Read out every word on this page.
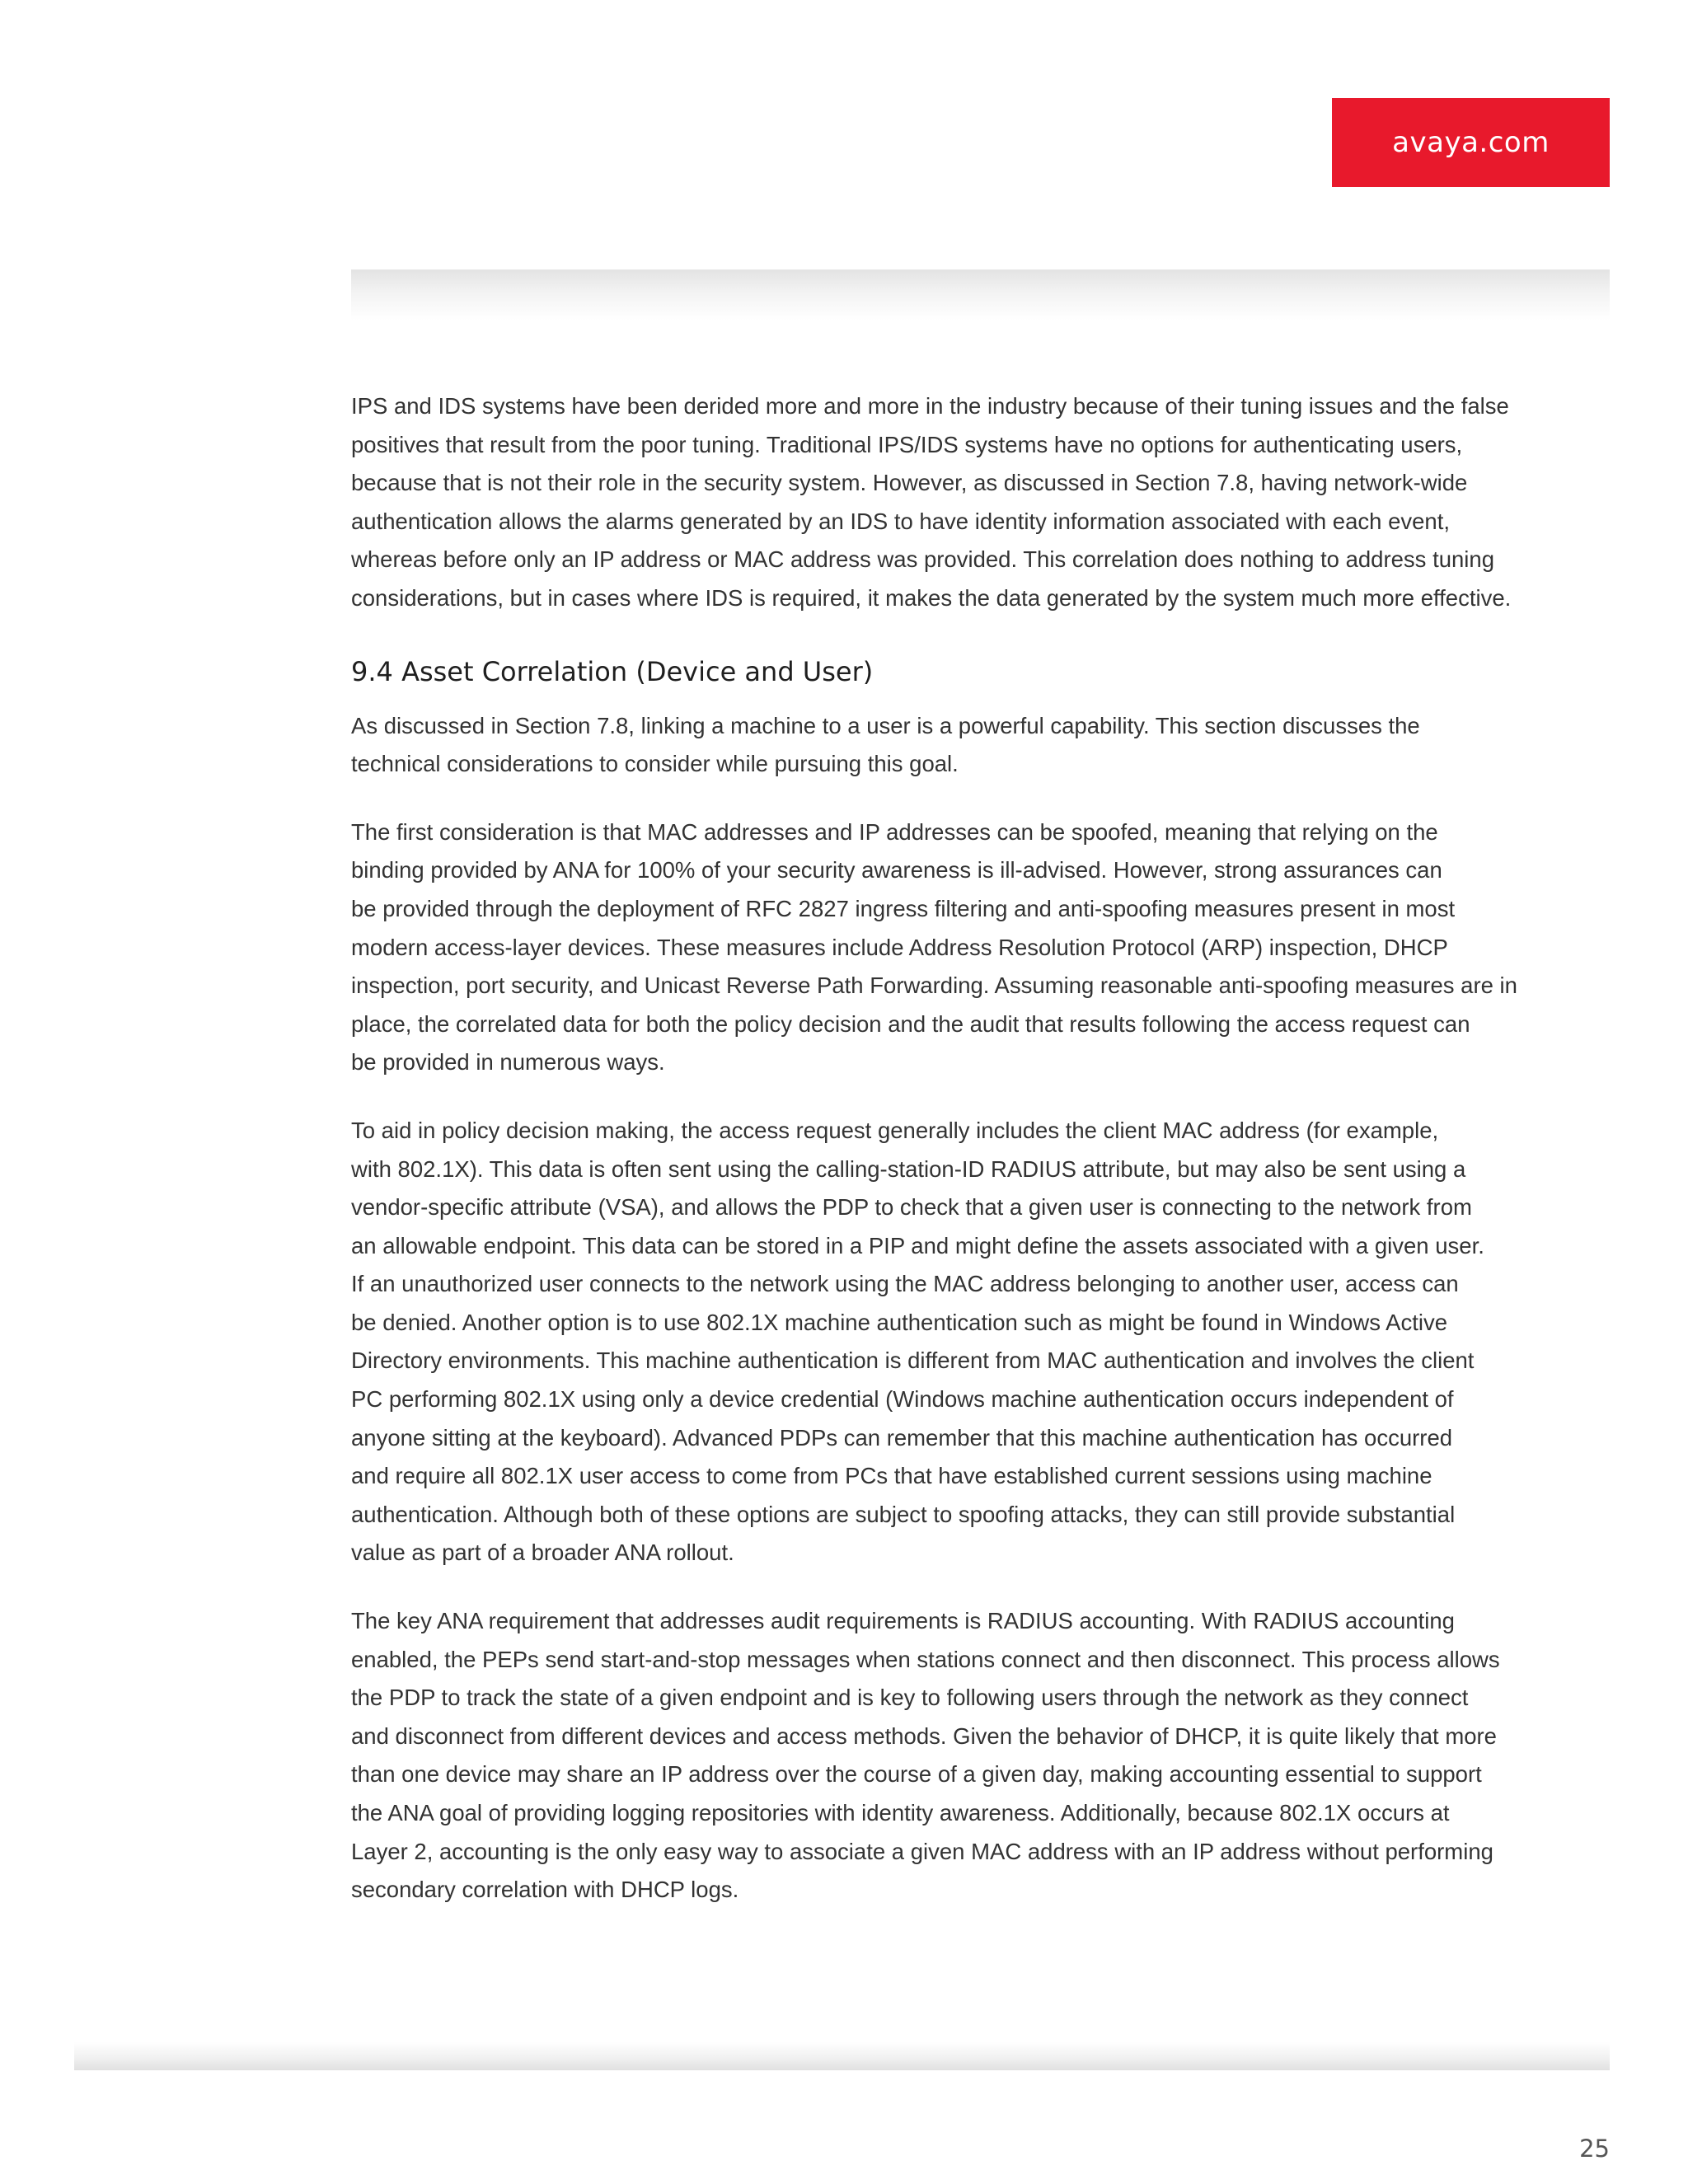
avaya.com

IPS and IDS systems have been derided more and more in the industry because of their tuning issues and the false
positives that result from the poor tuning. Traditional IPS/IDS systems have no options for authenticating users,
because that is not their role in the security system. However, as discussed in Section 7.8, having network-wide
authentication allows the alarms generated by an IDS to have identity information associated with each event,
whereas before only an IP address or MAC address was provided. This correlation does nothing to address tuning
considerations, but in cases where IDS is required, it makes the data generated by the system much more effective.

9.4 Asset Correlation (Device and User)

As discussed in Section 7.8, linking a machine to a user is a powerful capability. This section discusses the
technical considerations to consider while pursuing this goal.

The first consideration is that MAC addresses and IP addresses can be spoofed, meaning that relying on the
binding provided by ANA for 100% of your security awareness is ill-advised. However, strong assurances can
be provided through the deployment of RFC 2827 ingress filtering and anti-spoofing measures present in most
modern access-layer devices. These measures include Address Resolution Protocol (ARP) inspection, DHCP
inspection, port security, and Unicast Reverse Path Forwarding. Assuming reasonable anti-spoofing measures are in
place, the correlated data for both the policy decision and the audit that results following the access request can
be provided in numerous ways.

To aid in policy decision making, the access request generally includes the client MAC address (for example,
with 802.1X). This data is often sent using the calling-station-ID RADIUS attribute, but may also be sent using a
vendor-specific attribute (VSA), and allows the PDP to check that a given user is connecting to the network from
an allowable endpoint. This data can be stored in a PIP and might define the assets associated with a given user.
If an unauthorized user connects to the network using the MAC address belonging to another user, access can
be denied. Another option is to use 802.1X machine authentication such as might be found in Windows Active
Directory environments. This machine authentication is different from MAC authentication and involves the client
PC performing 802.1X using only a device credential (Windows machine authentication occurs independent of
anyone sitting at the keyboard). Advanced PDPs can remember that this machine authentication has occurred
and require all 802.1X user access to come from PCs that have established current sessions using machine
authentication. Although both of these options are subject to spoofing attacks, they can still provide substantial
value as part of a broader ANA rollout.

The key ANA requirement that addresses audit requirements is RADIUS accounting. With RADIUS accounting
enabled, the PEPs send start-and-stop messages when stations connect and then disconnect. This process allows
the PDP to track the state of a given endpoint and is key to following users through the network as they connect
and disconnect from different devices and access methods. Given the behavior of DHCP, it is quite likely that more
than one device may share an IP address over the course of a given day, making accounting essential to support
the ANA goal of providing logging repositories with identity awareness. Additionally, because 802.1X occurs at
Layer 2, accounting is the only easy way to associate a given MAC address with an IP address without performing
secondary correlation with DHCP logs.

25
